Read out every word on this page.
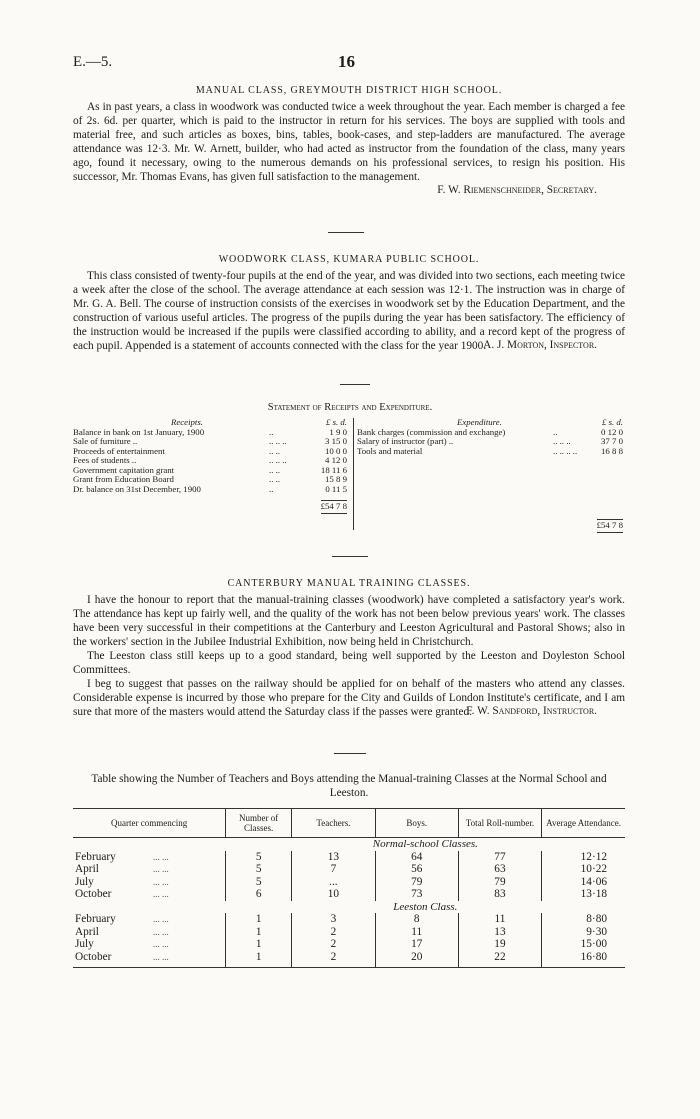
E.—5.	16
MANUAL CLASS, GREYMOUTH DISTRICT HIGH SCHOOL.

As in past years, a class in woodwork was conducted twice a week throughout the year. Each member is charged a fee of 2s. 6d. per quarter, which is paid to the instructor in return for his services. The boys are supplied with tools and material free, and such articles as boxes, bins, tables, book-cases, and step-ladders are manufactured. The average attendance was 12·3. Mr. W. Arnett, builder, who had acted as instructor from the foundation of the class, many years ago, found it necessary, owing to the numerous demands on his professional services, to resign his position. His successor, Mr. Thomas Evans, has given full satisfaction to the management.

F. W. Riemenschneider, Secretary.
WOODWORK CLASS, KUMARA PUBLIC SCHOOL.

This class consisted of twenty-four pupils at the end of the year, and was divided into two sections, each meeting twice a week after the close of the school. The average attendance at each session was 12·1. The instruction was in charge of Mr. G. A. Bell. The course of instruction consists of the exercises in woodwork set by the Education Department, and the construction of various useful articles. The progress of the pupils during the year has been satisfactory. The efficiency of the instruction would be increased if the pupils were classified according to ability, and a record kept of the progress of each pupil. Appended is a statement of accounts connected with the class for the year 1900.

A. J. Morton, Inspector.
Statement of Receipts and Expenditure.
Receipts.	£ s. d.
Balance in bank on 1st January, 1900	..	1 9 0
Sale of furniture ..	.. .. ..	3 15 0
Proceeds of entertainment	.. ..	10 0 0
Fees of students ..	.. .. ..	4 12 0
Government capitation grant	.. ..	18 11 6
Grant from Education Board	.. ..	15 8 9
Dr. balance on 31st December, 1900	..	0 11 5
£54 7 8
Expenditure.	£ s. d.
Bank charges (commission and exchange)	..	0 12 0
Salary of instructor (part) ..	.. .. ..	37 7 0
Tools and material	.. .. .. ..	16 8 8
£54 7 8
CANTERBURY MANUAL TRAINING CLASSES.

I have the honour to report that the manual-training classes (woodwork) have completed a satisfactory year's work. The attendance has kept up fairly well, and the quality of the work has not been below previous years' work. The classes have been very successful in their competitions at the Canterbury and Leeston Agricultural and Pastoral Shows; also in the workers' section in the Jubilee Industrial Exhibition, now being held in Christchurch.

The Leeston class still keeps up to a good standard, being well supported by the Leeston and Doyleston School Committees.

I beg to suggest that passes on the railway should be applied for on behalf of the masters who attend any classes. Considerable expense is incurred by those who prepare for the City and Guilds of London Institute's certificate, and I am sure that more of the masters would attend the Saturday class if the passes were granted.

F. W. Sandford, Instructor.
Table showing the Number of Teachers and Boys attending the Manual-training Classes at the Normal School and Leeston.
Quarter commencing	Number of Classes.	Teachers.	Boys.	Total Roll-number.	Average Attendance.
	Normal-school Classes.				
February ... ...	5	13	64	77	12·12
April ... ...	5	7	56	63	10·22
July ... ...	5	...	79	79	14·06
October ... ...	6	10	73	83	13·18
	Leeston Class.				
February ... ...	1	3	8	11	8·80
April ... ...	1	2	11	13	9·30
July ... ...	1	2	17	19	15·00
October ... ...	1	2	20	22	16·80
